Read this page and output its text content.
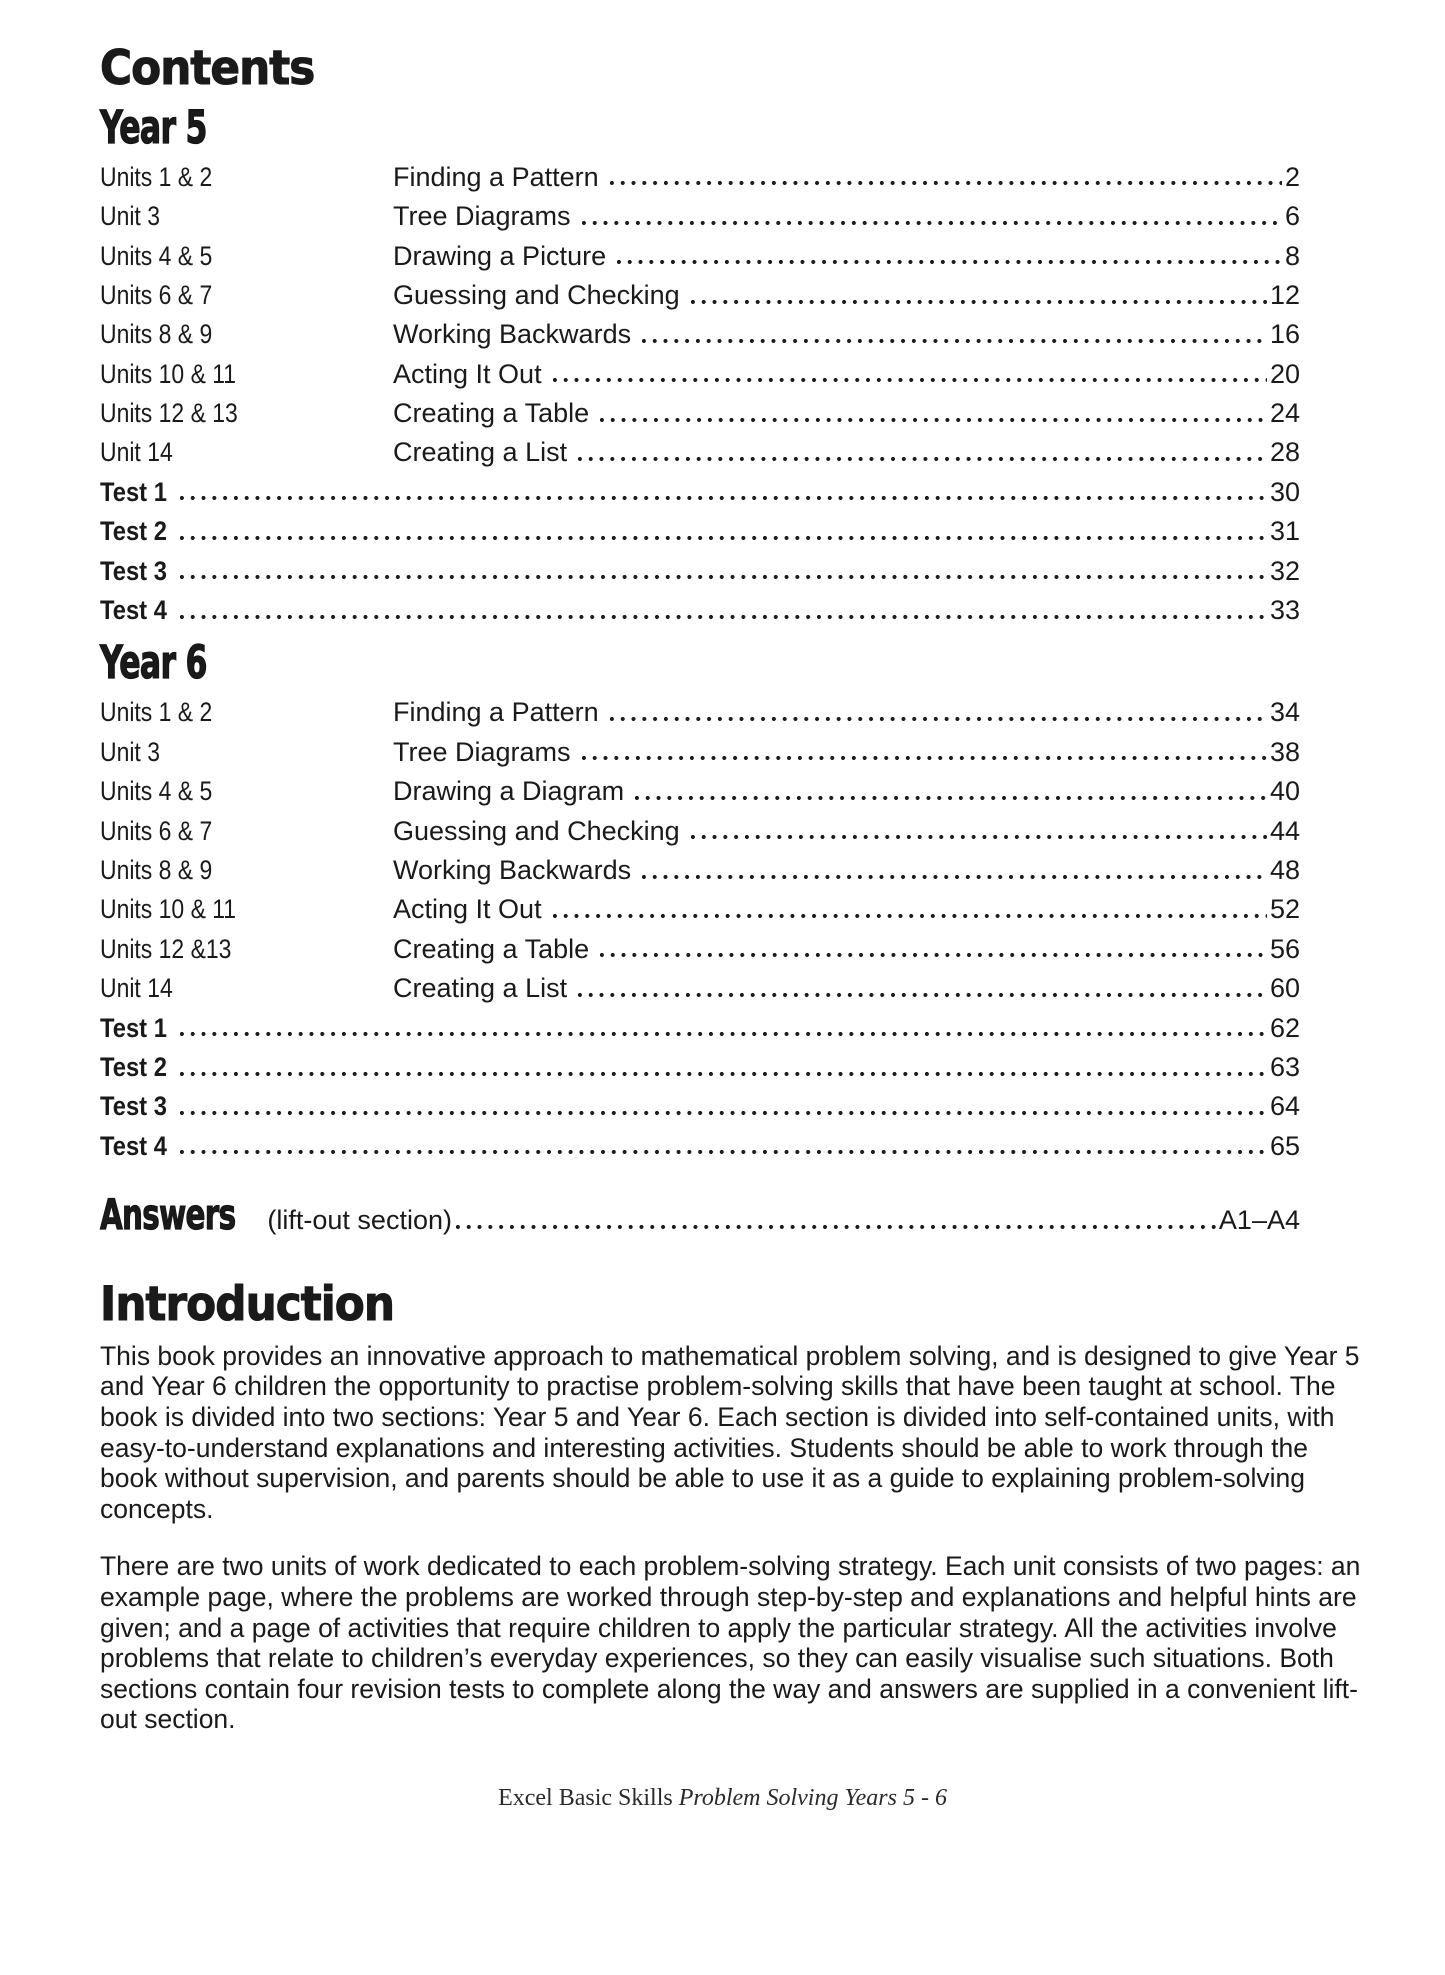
Contents
Year 5
Units 1 & 2	Finding a Pattern	2
Unit 3	Tree Diagrams	6
Units 4 & 5	Drawing a Picture	8
Units 6 & 7	Guessing and Checking	12
Units 8 & 9	Working Backwards	16
Units 10 & 11	Acting It Out	20
Units 12 & 13	Creating a Table	24
Unit 14	Creating a List	28
Test 1	30
Test 2	31
Test 3	32
Test 4	33
Year 6
Units 1 & 2	Finding a Pattern	34
Unit 3	Tree Diagrams	38
Units 4 & 5	Drawing a Diagram	40
Units 6 & 7	Guessing and Checking	44
Units 8 & 9	Working Backwards	48
Units 10 & 11	Acting It Out	52
Units 12 &13	Creating a Table	56
Unit 14	Creating a List	60
Test 1	62
Test 2	63
Test 3	64
Test 4	65
Answers	(lift-out section)	A1–A4
Introduction

This book provides an innovative approach to mathematical problem solving, and is designed to give Year 5 and Year 6 children the opportunity to practise problem-solving skills that have been taught at school. The book is divided into two sections: Year 5 and Year 6. Each section is divided into self-contained units, with easy-to-understand explanations and interesting activities. Students should be able to work through the book without supervision, and parents should be able to use it as a guide to explaining problem-solving concepts.

There are two units of work dedicated to each problem-solving strategy. Each unit consists of two pages: an example page, where the problems are worked through step-by-step and explanations and helpful hints are given; and a page of activities that require children to apply the particular strategy. All the activities involve problems that relate to children’s everyday experiences, so they can easily visualise such situations. Both sections contain four revision tests to complete along the way and answers are supplied in a convenient lift-out section.

Excel Basic Skills Problem Solving Years 5 - 6
